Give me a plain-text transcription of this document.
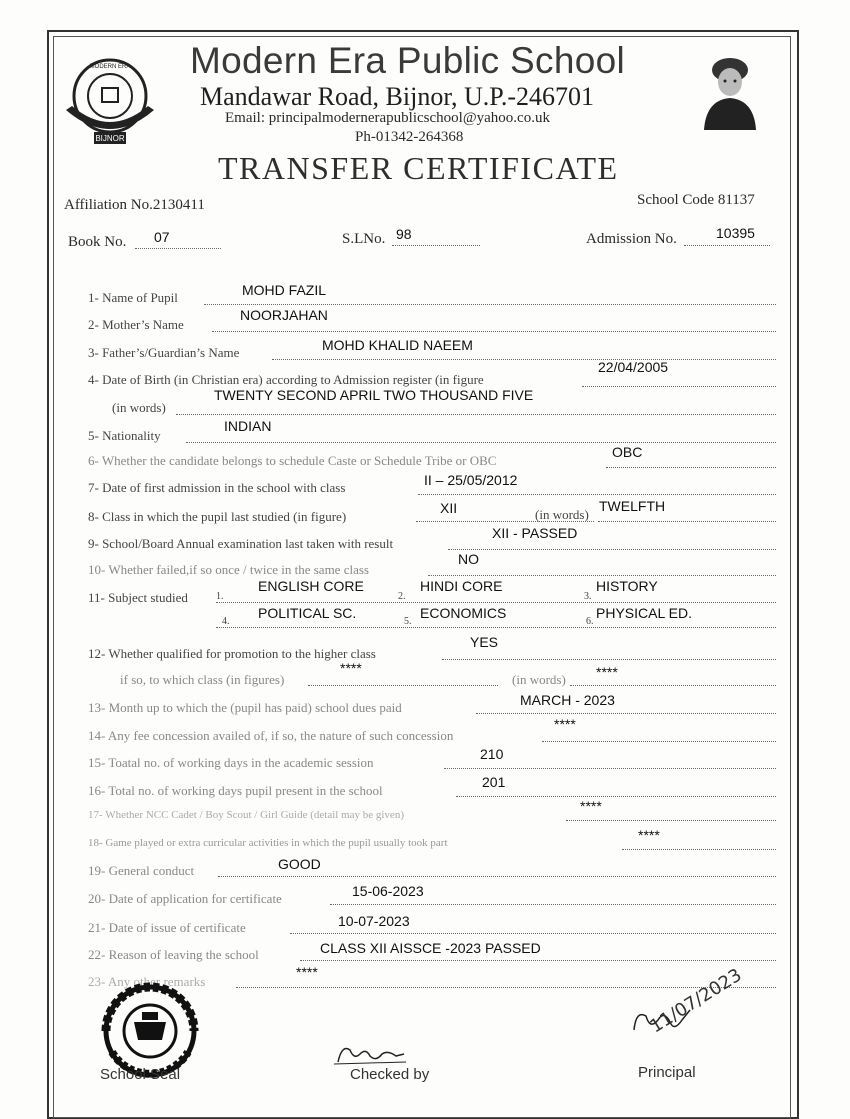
BIJNOR
MODERN ERA Modern Era Public School
Mandawar Road, Bijnor, U.P.-246701
Email: principalmodernerapublicschool@yahoo.co.uk
Ph-01342-264368
TRANSFER CERTIFICATE
Affiliation No.2130411	School Code 81137
Book No. 07	S.LNo. 98	Admission No.	10395
1- Name of Pupil	MOHD FAZIL
2- Mother’s Name
NOORJAHAN
3- Father’s/Guardian’s Name	MOHD KHALID NAEEM
4- Date of Birth (in Christian era) according to Admission register (in figure
22/04/2005
(in words)
TWENTY SECOND APRIL TWO THOUSAND FIVE
5- Nationality
INDIAN
6- Whether the candidate belongs to schedule Caste or Schedule Tribe or OBC
OBC
7- Date of first admission in the school with class	II – 25/05/2012
8- Class in which the pupil last studied (in figure)
XII	(in words)
TWELFTH
9- School/Board Annual examination last taken with result
XII - PASSED
10- Whether failed,if so once / twice in the same class
NO
11- Subject studied	1.
ENGLISH CORE
2.
HINDI CORE
3.
HISTORY
4.
POLITICAL SC.
5.
ECONOMICS
6.
PHYSICAL ED.
12- Whether qualified for promotion to the higher class
YES
if so, to which class (in figures)
****
(in words) ****
13- Month up to which the (pupil has paid) school dues paid	MARCH - 2023
14- Any fee concession availed of, if so, the nature of such concession
****
15- Toatal no. of working days in the academic session
210
16- Total no. of working days pupil present in the school
201
17- Whether NCC Cadet / Boy Scout / Girl Guide (detail may be given)
****
18- Game played or extra curricular activities in which the pupil usually took part	****
19- General conduct	GOOD
20- Date of application for certificate	15-06-2023
21- Date of issue of certificate	10-07-2023
22- Reason of leaving the school	CLASS XII AISSCE -2023 PASSED
23- Any other remarks
****
School Seal	Checked by
11/07/2023
Principal
